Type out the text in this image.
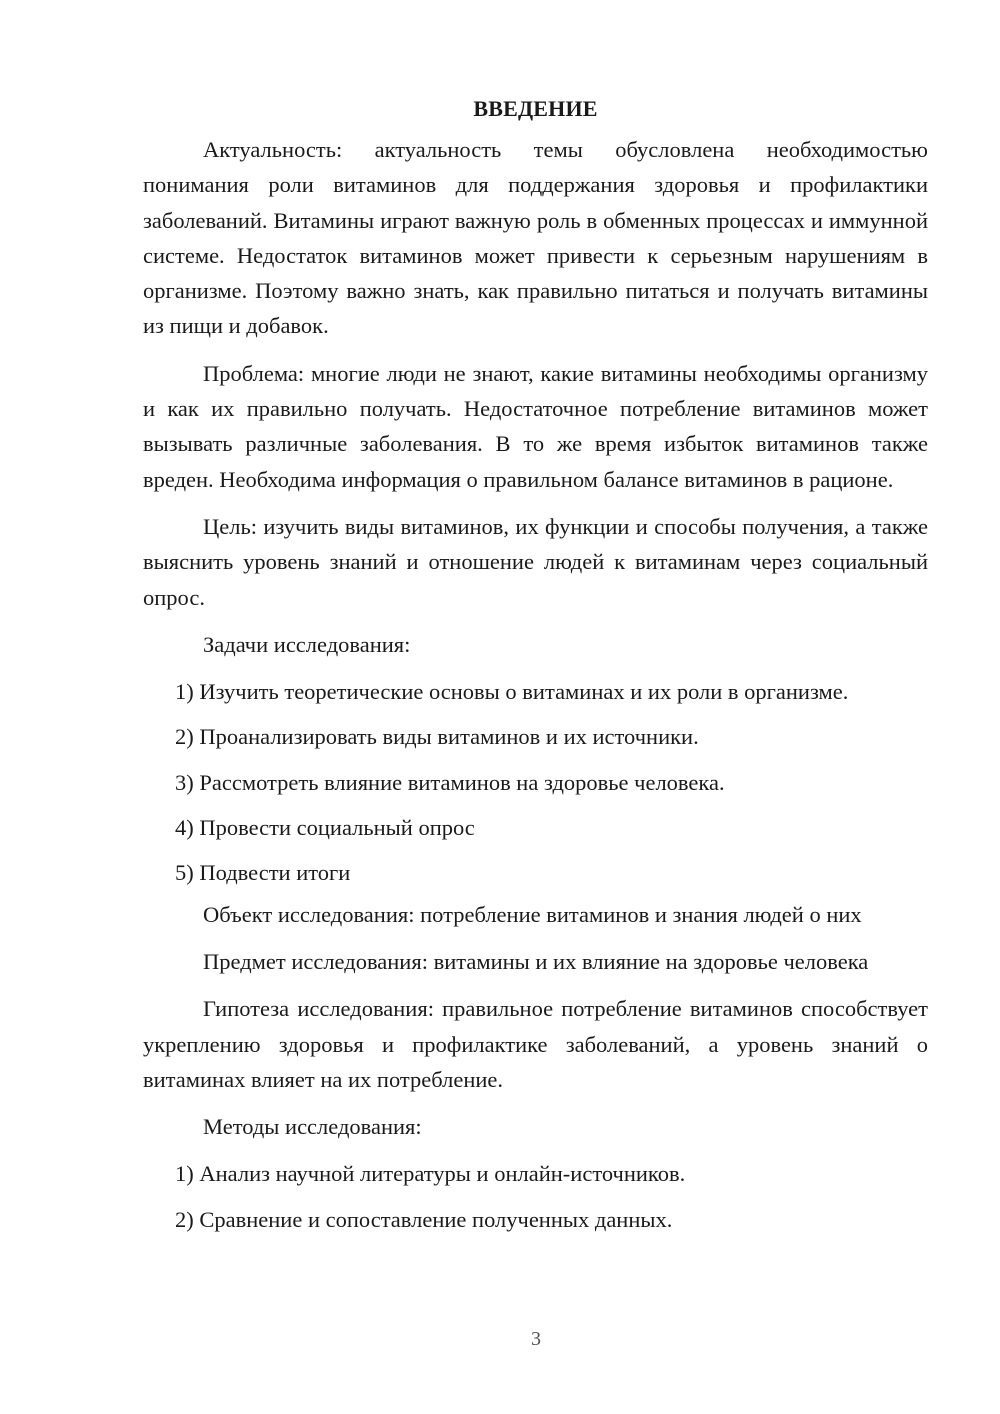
ВВЕДЕНИЕ

Актуальность: актуальность темы обусловлена необходимостью понимания роли витаминов для поддержания здоровья и профилактики заболеваний. Витамины играют важную роль в обменных процессах и иммунной системе. Недостаток витаминов может привести к серьезным нарушениям в организме. Поэтому важно знать, как правильно питаться и получать витамины из пищи и добавок.

Проблема: многие люди не знают, какие витамины необходимы организму и как их правильно получать. Недостаточное потребление витаминов может вызывать различные заболевания. В то же время избыток витаминов также вреден. Необходима информация о правильном балансе витаминов в рационе.

Цель: изучить виды витаминов, их функции и способы получения, а также выяснить уровень знаний и отношение людей к витаминам через социальный опрос.

Задачи исследования:

1) Изучить теоретические основы о витаминах и их роли в организме.
2) Проанализировать виды витаминов и их источники.
3) Рассмотреть влияние витаминов на здоровье человека.
4) Провести социальный опрос
5) Подвести итоги

Объект исследования: потребление витаминов и знания людей о них

Предмет исследования: витамины и их влияние на здоровье человека

Гипотеза исследования: правильное потребление витаминов способствует укреплению здоровья и профилактике заболеваний, а уровень знаний о витаминах влияет на их потребление.

Методы исследования:

1) Анализ научной литературы и онлайн-источников.
2) Сравнение и сопоставление полученных данных.
3
